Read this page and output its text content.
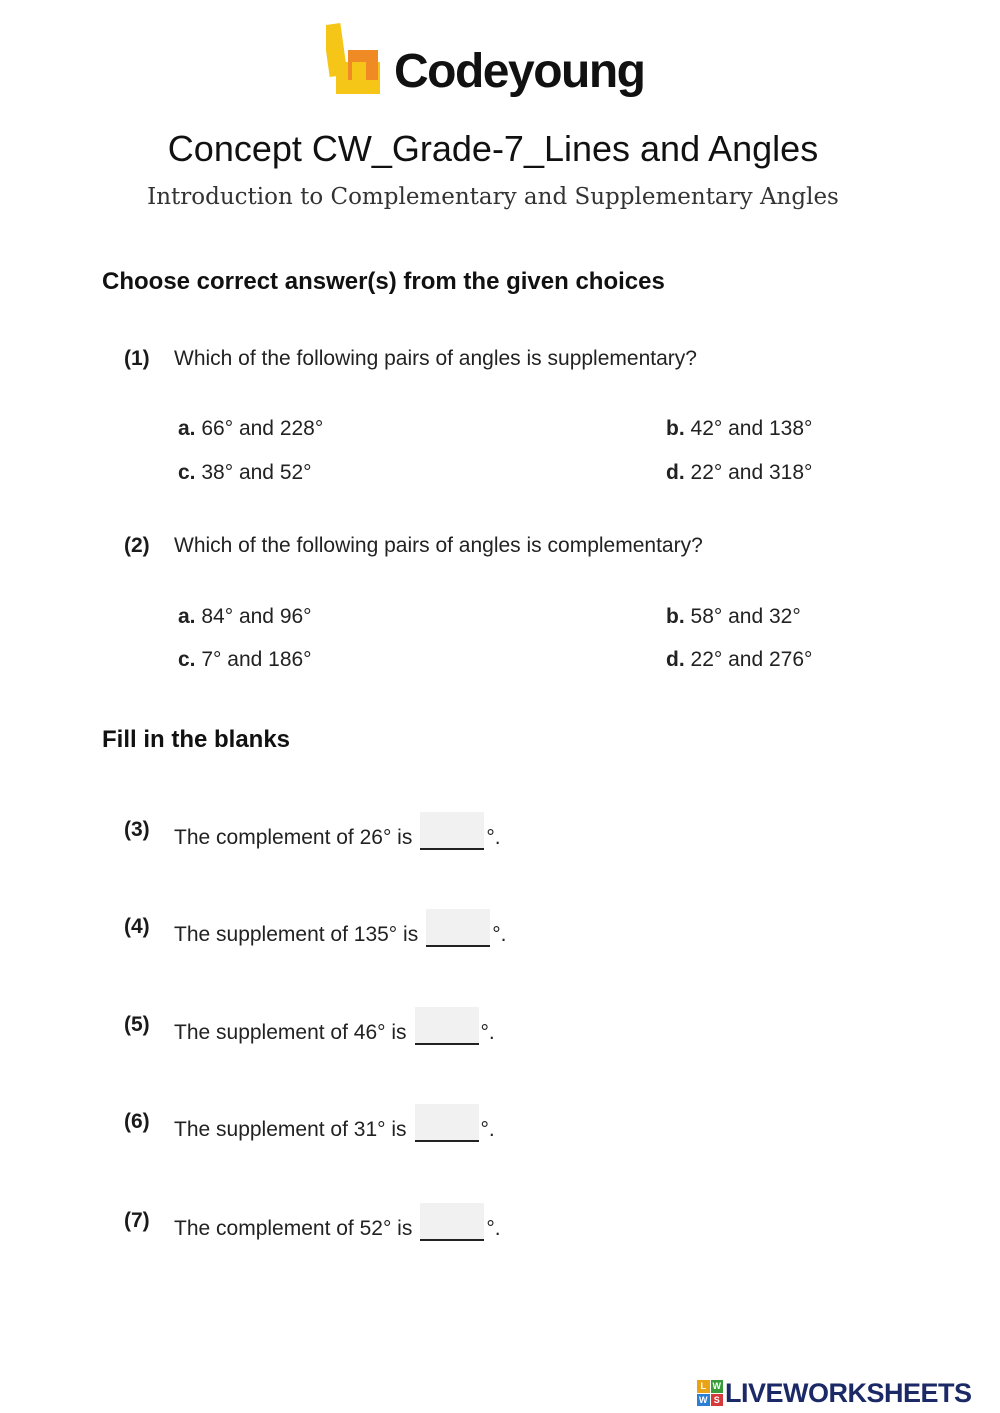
Codeyoung
Concept CW_Grade-7_Lines and Angles
Introduction to Complementary and Supplementary Angles
Choose correct answer(s) from the given choices
(1) Which of the following pairs of angles is supplementary?
a. 66° and 228°	b. 42° and 138°
c. 38° and 52°	d. 22° and 318°
(2) Which of the following pairs of angles is complementary?
a. 84° and 96°	b. 58° and 32°
c. 7° and 186°	d. 22° and 276°
Fill in the blanks
(3) The complement of 26° is	°.
(4) The supplement of 135° is	°.
(5) The supplement of 46° is	°.
(6) The supplement of 31° is	°.
(7) The complement of 52° is	°.
L W
W S LIVEWORKSHEETS
